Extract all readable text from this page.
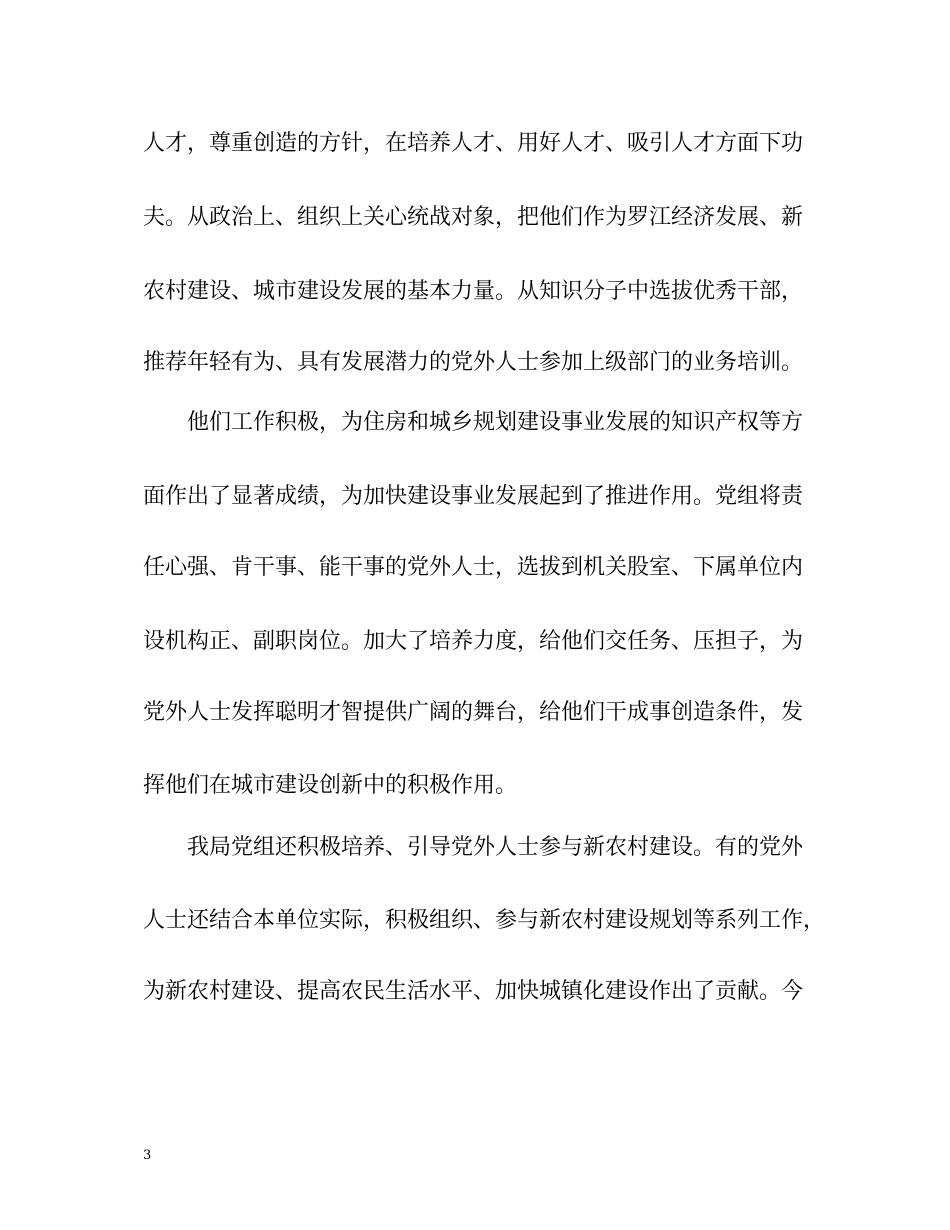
人才，尊重创造的方针，在培养人才、用好人才、吸引人才方面下功
夫。从政治上、组织上关心统战对象，把他们作为罗江经济发展、新
农村建设、城市建设发展的基本力量。从知识分子中选拔优秀干部，
推荐年轻有为、具有发展潜力的党外人士参加上级部门的业务培训。
他们工作积极，为住房和城乡规划建设事业发展的知识产权等方
面作出了显著成绩，为加快建设事业发展起到了推进作用。党组将责
任心强、肯干事、能干事的党外人士，选拔到机关股室、下属单位内
设机构正、副职岗位。加大了培养力度，给他们交任务、压担子，为
党外人士发挥聪明才智提供广阔的舞台，给他们干成事创造条件，发
挥他们在城市建设创新中的积极作用。
我局党组还积极培养、引导党外人士参与新农村建设。有的党外
人士还结合本单位实际，积极组织、参与新农村建设规划等系列工作，
为新农村建设、提高农民生活水平、加快城镇化建设作出了贡献。今
3
